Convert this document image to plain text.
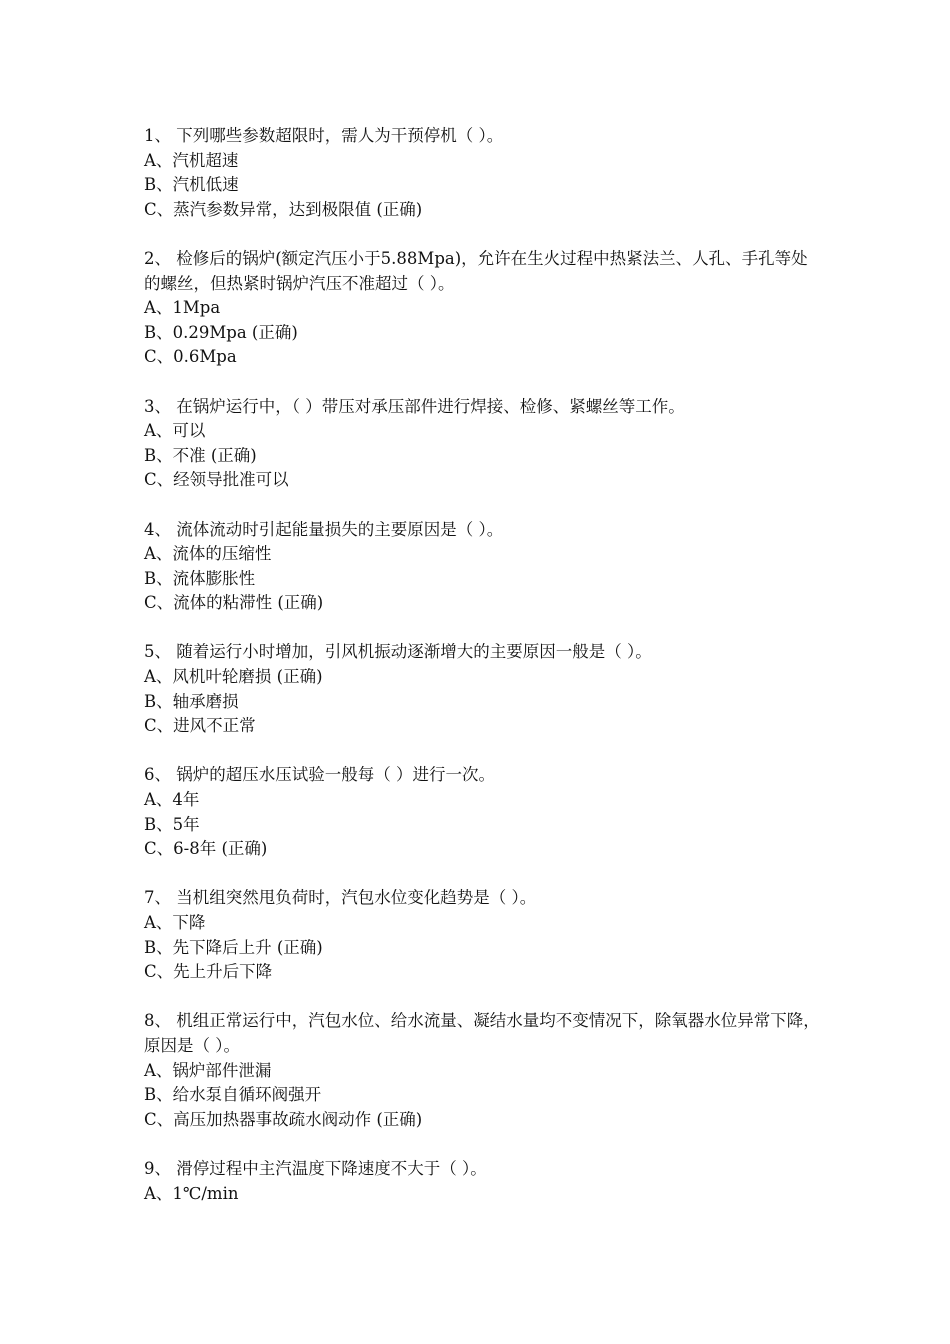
1、 下列哪些参数超限时，需人为干预停机（ ）。

A、汽机超速

B、汽机低速

C、蒸汽参数异常，达到极限值 (正确)

2、 检修后的锅炉(额定汽压小于5.88Mpa)，允许在生火过程中热紧法兰、人孔、手孔等处的螺丝，但热紧时锅炉汽压不准超过（ ）。

A、1Mpa

B、0.29Mpa (正确)

C、0.6Mpa

3、 在锅炉运行中，（ ）带压对承压部件进行焊接、检修、紧螺丝等工作。

A、可以

B、不准 (正确)

C、经领导批准可以

4、 流体流动时引起能量损失的主要原因是（ ）。

A、流体的压缩性

B、流体膨胀性

C、流体的粘滞性 (正确)

5、 随着运行小时增加，引风机振动逐渐增大的主要原因一般是（ ）。

A、风机叶轮磨损 (正确)

B、轴承磨损

C、进风不正常

6、 锅炉的超压水压试验一般每（ ）进行一次。

A、4年

B、5年

C、6-8年 (正确)

7、 当机组突然甩负荷时，汽包水位变化趋势是（ ）。

A、下降

B、先下降后上升 (正确)

C、先上升后下降

8、 机组正常运行中，汽包水位、给水流量、凝结水量均不变情况下，除氧器水位异常下降，原因是（ ）。

A、锅炉部件泄漏

B、给水泵自循环阀强开

C、高压加热器事故疏水阀动作 (正确)

9、 滑停过程中主汽温度下降速度不大于（ ）。

A、1℃/min
